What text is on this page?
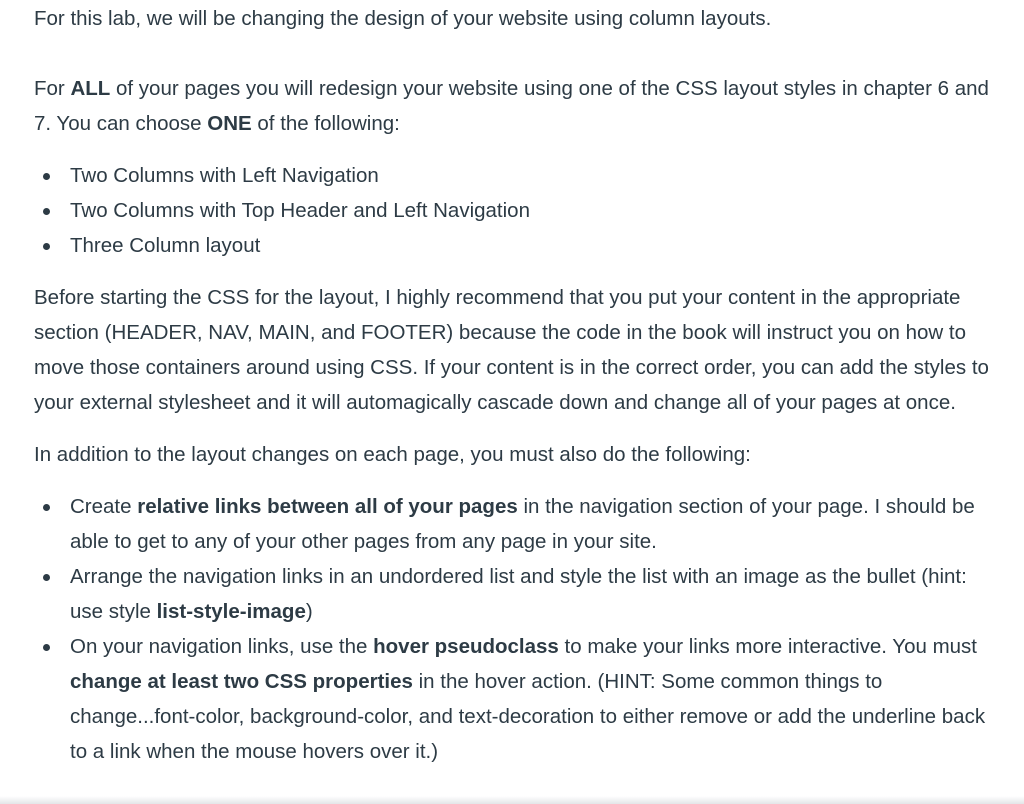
For this lab, we will be changing the design of your website using column layouts.

For ALL of your pages you will redesign your website using one of the CSS layout styles in chapter 6 and 7. You can choose ONE of the following:

Two Columns with Left Navigation
Two Columns with Top Header and Left Navigation
Three Column layout

Before starting the CSS for the layout, I highly recommend that you put your content in the appropriate section (HEADER, NAV, MAIN, and FOOTER) because the code in the book will instruct you on how to move those containers around using CSS. If your content is in the correct order, you can add the styles to your external stylesheet and it will automagically cascade down and change all of your pages at once.

In addition to the layout changes on each page, you must also do the following:

Create relative links between all of your pages in the navigation section of your page. I should be able to get to any of your other pages from any page in your site.
Arrange the navigation links in an undordered list and style the list with an image as the bullet (hint: use style list-style-image)
On your navigation links, use the hover pseudoclass to make your links more interactive. You must change at least two CSS properties in the hover action. (HINT: Some common things to change...font-color, background-color, and text-decoration to either remove or add the underline back to a link when the mouse hovers over it.)
